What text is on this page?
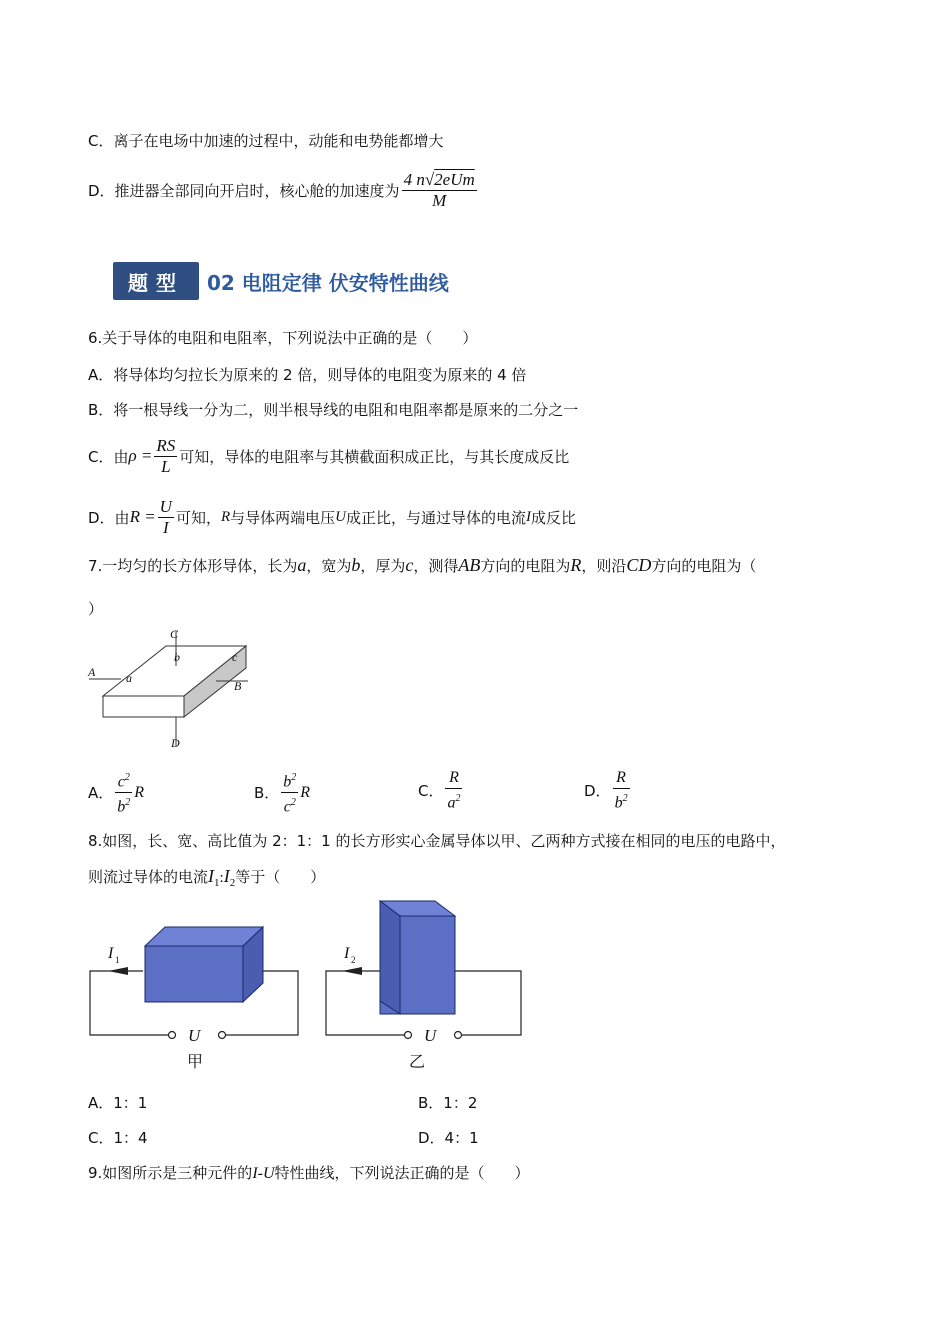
C．离子在电场中加速的过程中，动能和电势能都增大
D．推进器全部同向开启时，核心舱的加速度为 $\frac{\text{4 n√2eUm}}{M}$
题型	02 电阻定律 伏安特性曲线
6.关于导体的电阻和电阻率，下列说法中正确的是（　　）
A．将导体均匀拉长为原来的 2 倍，则导体的电阻变为原来的 4 倍
B．将一根导线一分为二，则半根导线的电阻和电阻率都是原来的二分之一
C．由 $\rho = \frac{RS}{L}$ 可知，导体的电阻率与其横截面积成正比，与其长度成反比
D．由 $R = \frac{U}{I}$ 可知， R 与导体两端电压 U 成正比，与通过导体的电流 I 成反比
7.一均匀的长方体形导体，长为a，宽为b，厚为c，测得AB方向的电阻为R，则沿CD方向的电阻为（
）
C
b	c
A	a
B
D
A． $\frac{c^2}{b^2}$ R	B． $\frac{b^2}{c^2}$ R	C． $\frac{R}{a^2}$	D． $\frac{R}{b^2}$
8.如图，长、宽、高比值为 2：1：1 的长方形实心金属导体以甲、乙两种方式接在相同的电压的电路中，
则流过导体的电流$I_1:I_2$等于（　　）
I 1
U
甲
I 2
U
乙
A．1：1	B．1：2
C．1：4	D．4：1
9.如图所示是三种元件的I-U特性曲线，下列说法正确的是（　　）
